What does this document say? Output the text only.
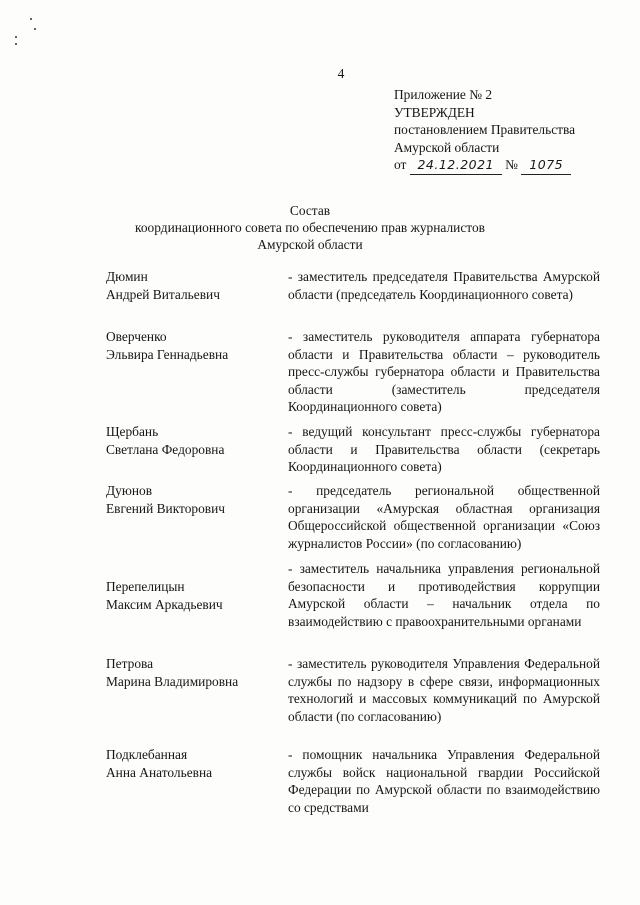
4
Приложение № 2
УТВЕРЖДЕН
постановлением Правительства
Амурской области
от 24.12.2021 № 1075
Состав
координационного совета по обеспечению прав журналистов
Амурской области
Дюмин
Андрей Витальевич
- заместитель председателя Правительства Амурской области (председатель Координационного совета)
Оверченко
Эльвира Геннадьевна
- заместитель руководителя аппарата губернатора области и Правительства области – руководитель пресс-службы губернатора области и Правительства области (заместитель председателя Координационного совета)
Щербань
Светлана Федоровна
- ведущий консультант пресс-службы губернатора области и Правительства области (секретарь Координационного совета)
Дуюнов
Евгений Викторович
- председатель региональной общественной организации «Амурская областная организация Общероссийской общественной организации «Союз журналистов России» (по согласованию)
Перепелицын
Максим Аркадьевич
- заместитель начальника управления региональной безопасности и противодействия коррупции Амурской области – начальник отдела по взаимодействию с правоохранительными органами
Петрова
Марина Владимировна
- заместитель руководителя Управления Федеральной службы по надзору в сфере связи, информационных технологий и массовых коммуникаций по Амурской области (по согласованию)
Подклебанная
Анна Анатольевна
- помощник начальника Управления Федеральной службы войск национальной гвардии Российской Федерации по Амурской области по взаимодействию со средствами
